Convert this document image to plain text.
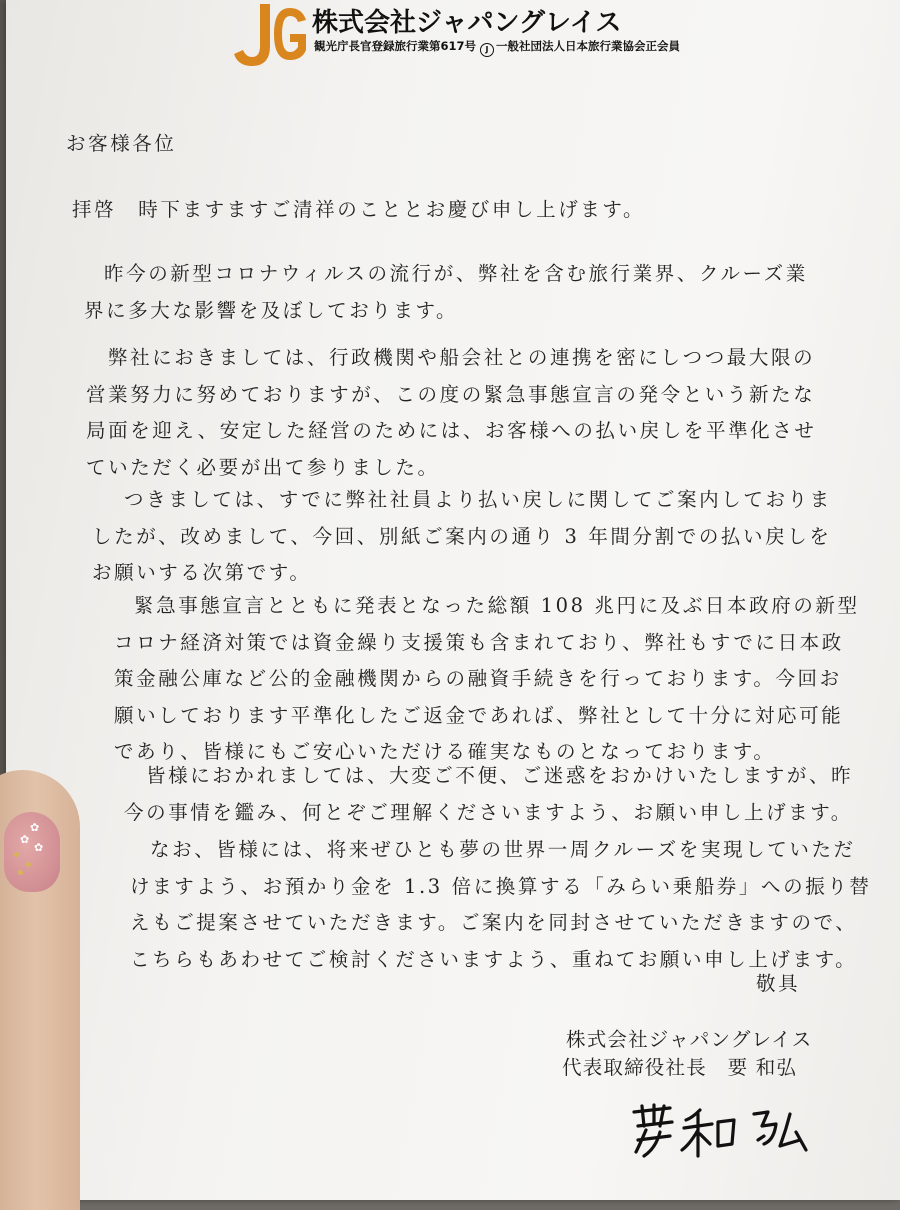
株式会社ジャパングレイス
観光庁長官登録旅行業第617号 J 一般社団法人日本旅行業協会正会員
お客様各位
拝啓　時下ますますご清祥のこととお慶び申し上げます。
昨今の新型コロナウィルスの流行が、弊社を含む旅行業界、クルーズ業
界に多大な影響を及ぼしております。
弊社におきましては、行政機関や船会社との連携を密にしつつ最大限の
営業努力に努めておりますが、この度の緊急事態宣言の発令という新たな
局面を迎え、安定した経営のためには、お客様への払い戻しを平準化させ
ていただく必要が出て参りました。
つきましては、すでに弊社社員より払い戻しに関してご案内しておりま
したが、改めまして、今回、別紙ご案内の通り 3 年間分割での払い戻しを
お願いする次第です。
緊急事態宣言とともに発表となった総額 108 兆円に及ぶ日本政府の新型
コロナ経済対策では資金繰り支援策も含まれており、弊社もすでに日本政
策金融公庫など公的金融機関からの融資手続きを行っております。今回お
願いしております平準化したご返金であれば、弊社として十分に対応可能
であり、皆様にもご安心いただける確実なものとなっております。
皆様におかれましては、大変ご不便、ご迷惑をおかけいたしますが、昨
今の事情を鑑み、何とぞご理解くださいますよう、お願い申し上げます。
なお、皆様には、将来ぜひとも夢の世界一周クルーズを実現していただ
けますよう、お預かり金を 1.3 倍に換算する「みらい乗船券」への振り替
えもご提案させていただきます。ご案内を同封させていただきますので、
こちらもあわせてご検討くださいますよう、重ねてお願い申し上げます。
敬具
株式会社ジャパングレイス
代表取締役社長　要 和弘
✿
✿
✿
